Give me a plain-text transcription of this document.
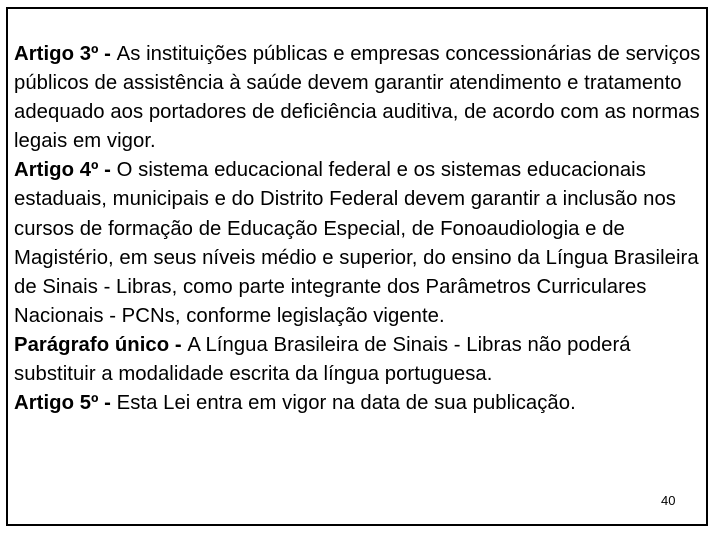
Artigo 3º - As instituições públicas e empresas concessionárias de serviços públicos de assistência à saúde devem garantir atendimento e tratamento adequado aos portadores de deficiência auditiva, de acordo com as normas legais em vigor.

Artigo 4º - O sistema educacional federal e os sistemas educacionais estaduais, municipais e do Distrito Federal devem garantir a inclusão nos cursos de formação de Educação Especial, de Fonoaudiologia e de Magistério, em seus níveis médio e superior, do ensino da Língua Brasileira de Sinais - Libras, como parte integrante dos Parâmetros Curriculares Nacionais - PCNs, conforme legislação vigente.

Parágrafo único - A Língua Brasileira de Sinais - Libras não poderá substituir a modalidade escrita da língua portuguesa.

Artigo 5º - Esta Lei entra em vigor na data de sua publicação.

40
